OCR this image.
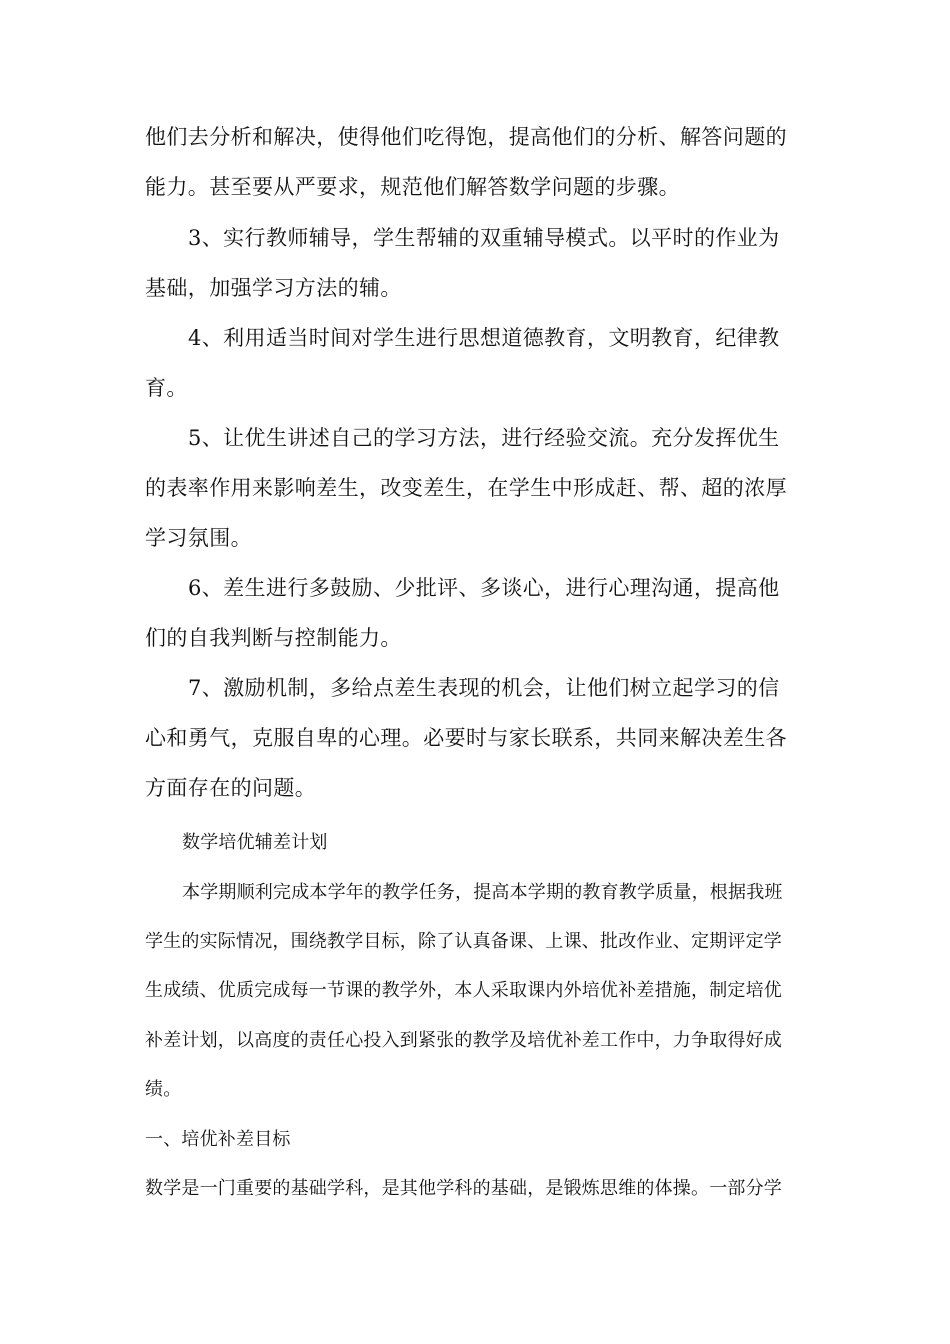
他们去分析和解决，使得他们吃得饱，提高他们的分析、解答问题的
能力。甚至要从严要求，规范他们解答数学问题的步骤。
3、实行教师辅导，学生帮辅的双重辅导模式。以平时的作业为
基础，加强学习方法的辅。
4、利用适当时间对学生进行思想道德教育，文明教育，纪律教
育。
5、让优生讲述自己的学习方法，进行经验交流。充分发挥优生
的表率作用来影响差生，改变差生，在学生中形成赶、帮、超的浓厚
学习氛围。
6、差生进行多鼓励、少批评、多谈心，进行心理沟通，提高他
们的自我判断与控制能力。
7、激励机制，多给点差生表现的机会，让他们树立起学习的信
心和勇气，克服自卑的心理。必要时与家长联系，共同来解决差生各
方面存在的问题。
数学培优辅差计划
本学期顺利完成本学年的教学任务，提高本学期的教育教学质量，根据我班
学生的实际情况，围绕教学目标，除了认真备课、上课、批改作业、定期评定学
生成绩、优质完成每一节课的教学外，本人采取课内外培优补差措施，制定培优
补差计划，以高度的责任心投入到紧张的教学及培优补差工作中，力争取得好成
绩。
一、培优补差目标
数学是一门重要的基础学科，是其他学科的基础，是锻炼思维的体操。一部分学
